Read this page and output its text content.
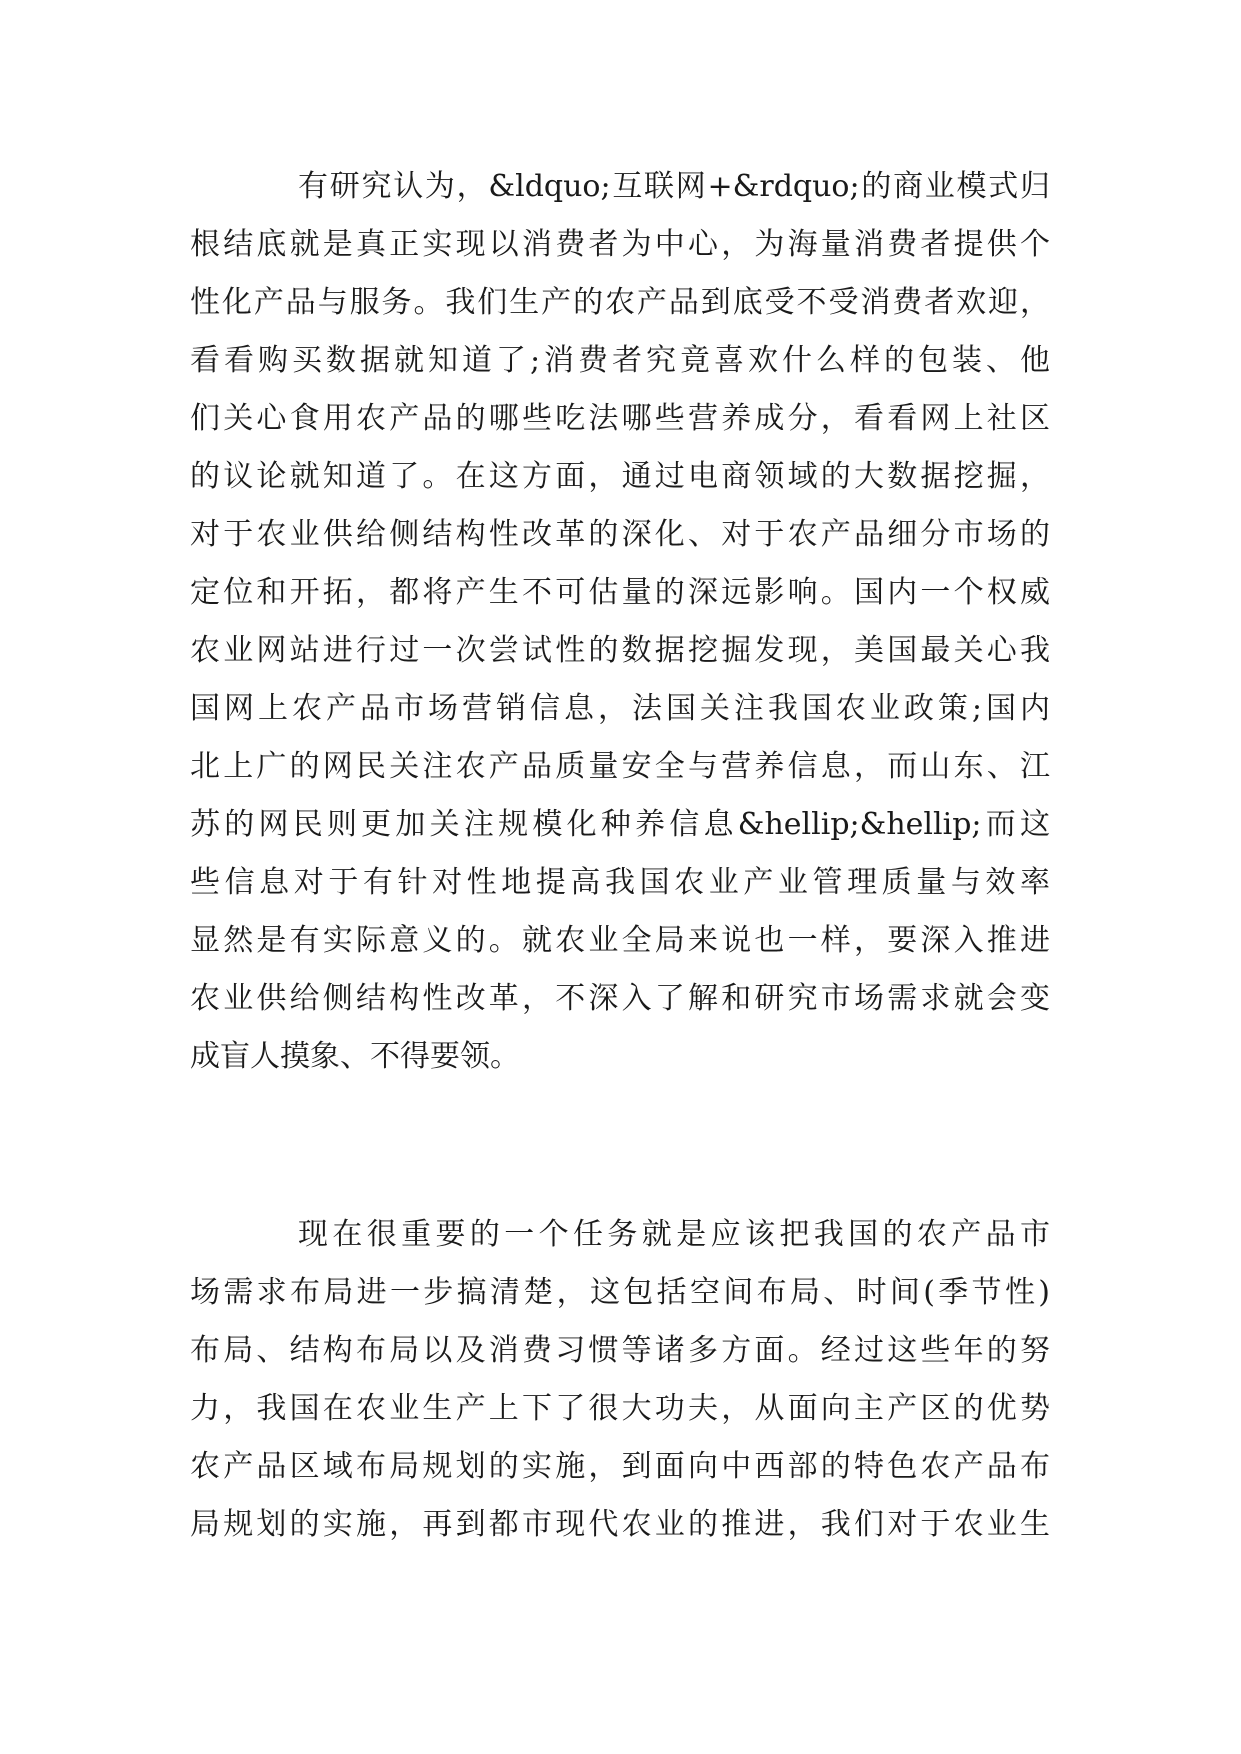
有研究认为，&ldquo;互联网+&rdquo;的商业模式归
根结底就是真正实现以消费者为中心，为海量消费者提供个
性化产品与服务。我们生产的农产品到底受不受消费者欢迎，
看看购买数据就知道了;消费者究竟喜欢什么样的包装、他
们关心食用农产品的哪些吃法哪些营养成分，看看网上社区
的议论就知道了。在这方面，通过电商领域的大数据挖掘，
对于农业供给侧结构性改革的深化、对于农产品细分市场的
定位和开拓，都将产生不可估量的深远影响。国内一个权威
农业网站进行过一次尝试性的数据挖掘发现，美国最关心我
国网上农产品市场营销信息，法国关注我国农业政策;国内
北上广的网民关注农产品质量安全与营养信息，而山东、江
苏的网民则更加关注规模化种养信息&hellip;&hellip;而这
些信息对于有针对性地提高我国农业产业管理质量与效率
显然是有实际意义的。就农业全局来说也一样，要深入推进
农业供给侧结构性改革，不深入了解和研究市场需求就会变
成盲人摸象、不得要领。
现在很重要的一个任务就是应该把我国的农产品市
场需求布局进一步搞清楚，这包括空间布局、时间(季节性)
布局、结构布局以及消费习惯等诸多方面。经过这些年的努
力，我国在农业生产上下了很大功夫，从面向主产区的优势
农产品区域布局规划的实施，到面向中西部的特色农产品布
局规划的实施，再到都市现代农业的推进，我们对于农业生
